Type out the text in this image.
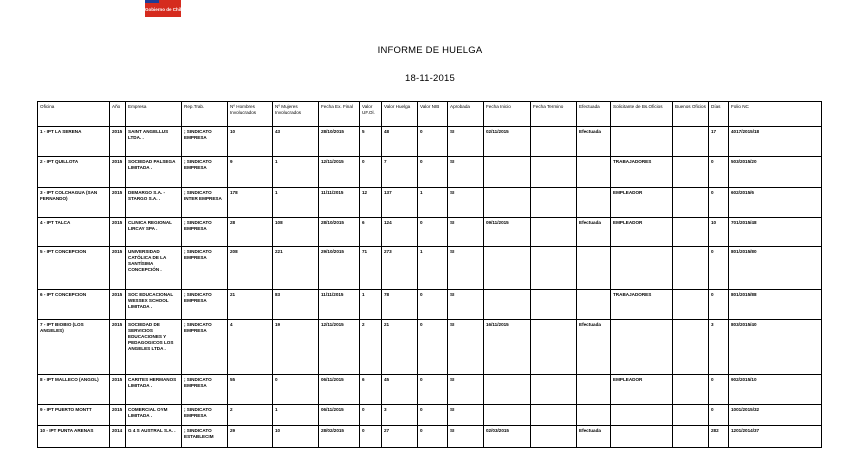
Gobierno de Chile
INFORME DE HUELGA
18-11-2015
Oficina	Año	Empresa	Rep.Trab.	Nº Hombres Involucrados	Nº Mujeres Involucrados	Fecha Ex. Final	Valor UF.Ol.	Valor Huelga	Valor NIB	Aprobada	Fecha Inicio	Fecha Termino	Efectuada	Solicitante de Bs.Oficios	Buenos Oficios	Días	Folio NC
1 - IPT LA SERENA	2015	SAINT ANGELLUS LTDA. .	; SINDICATO EMPRESA	10	43	28/10/2015	5	48	0	SI	02/11/2015		Efectuada			17	4017/2015/18
2 - IPT QUILLOTA	2015	SOCIEDAD PALSEGA LIMITADA .	; SINDICATO EMPRESA	9	1	12/11/2015	0	7	0	SI				TRABAJADORES		0	503/2015/20
3 - IPT COLCHAGUA (SAN FERNANDO)	2015	DEMARGO S.A. - STARGO S.A. .	; SINDICATO INTER EMPRESA	178	1	11/11/2015	12	137	1	SI				EMPLEADOR		0	602/2015/6
4 - IPT TALCA	2015	CLINICA REGIONAL LIRCAY SPA .	; SINDICATO EMPRESA	28	108	28/10/2015	6	124	0	SI	09/11/2015		Efectuada	EMPLEADOR		10	701/2015/48
5 - IPT CONCEPCION	2015	UNIVERSIDAD CATÓLICA DE LA SANTÍSIMA CONCEPCIÓN .	; SINDICATO EMPRESA	208	221	29/10/2015	71	273	1	SI						0	801/2015/80
6 - IPT CONCEPCION	2015	SOC EDUCACIONAL WESSEX SCHOOL LIMITADA .	; SINDICATO EMPRESA	21	83	11/11/2015	1	78	0	SI				TRABAJADORES		0	801/2015/88
7 - IPT BIOBIO (LOS ANGELES)	2015	SOCIEDAD DE SERVICIOS EDUCACIONES Y PEDAGOGICOS LOS ANGELES LTDA .	; SINDICATO EMPRESA	4	19	12/11/2015	2	21	0	SI	16/11/2015		Efectuada			3	803/2015/40
8 - IPT MALLECO (ANGOL)	2015	CARITES HERMANOS LIMITADA .	; SINDICATO EMPRESA	55	0	06/11/2015	6	45	0	SI				EMPLEADOR		0	902/2015/10
9 - IPT PUERTO MONTT	2015	COMERCIAL OYM LIMITADA .	; SINDICATO EMPRESA	2	1	06/11/2015	0	3	0	SI						0	1001/2015/32
10 - IPT PUNTA ARENAS	2014	G 4 S AUSTRAL S.A. .	; SINDICATO ESTABLECIM	29	10	28/02/2015	0	27	0	SI	02/03/2015		Efectuada			282	1201/2014/37
